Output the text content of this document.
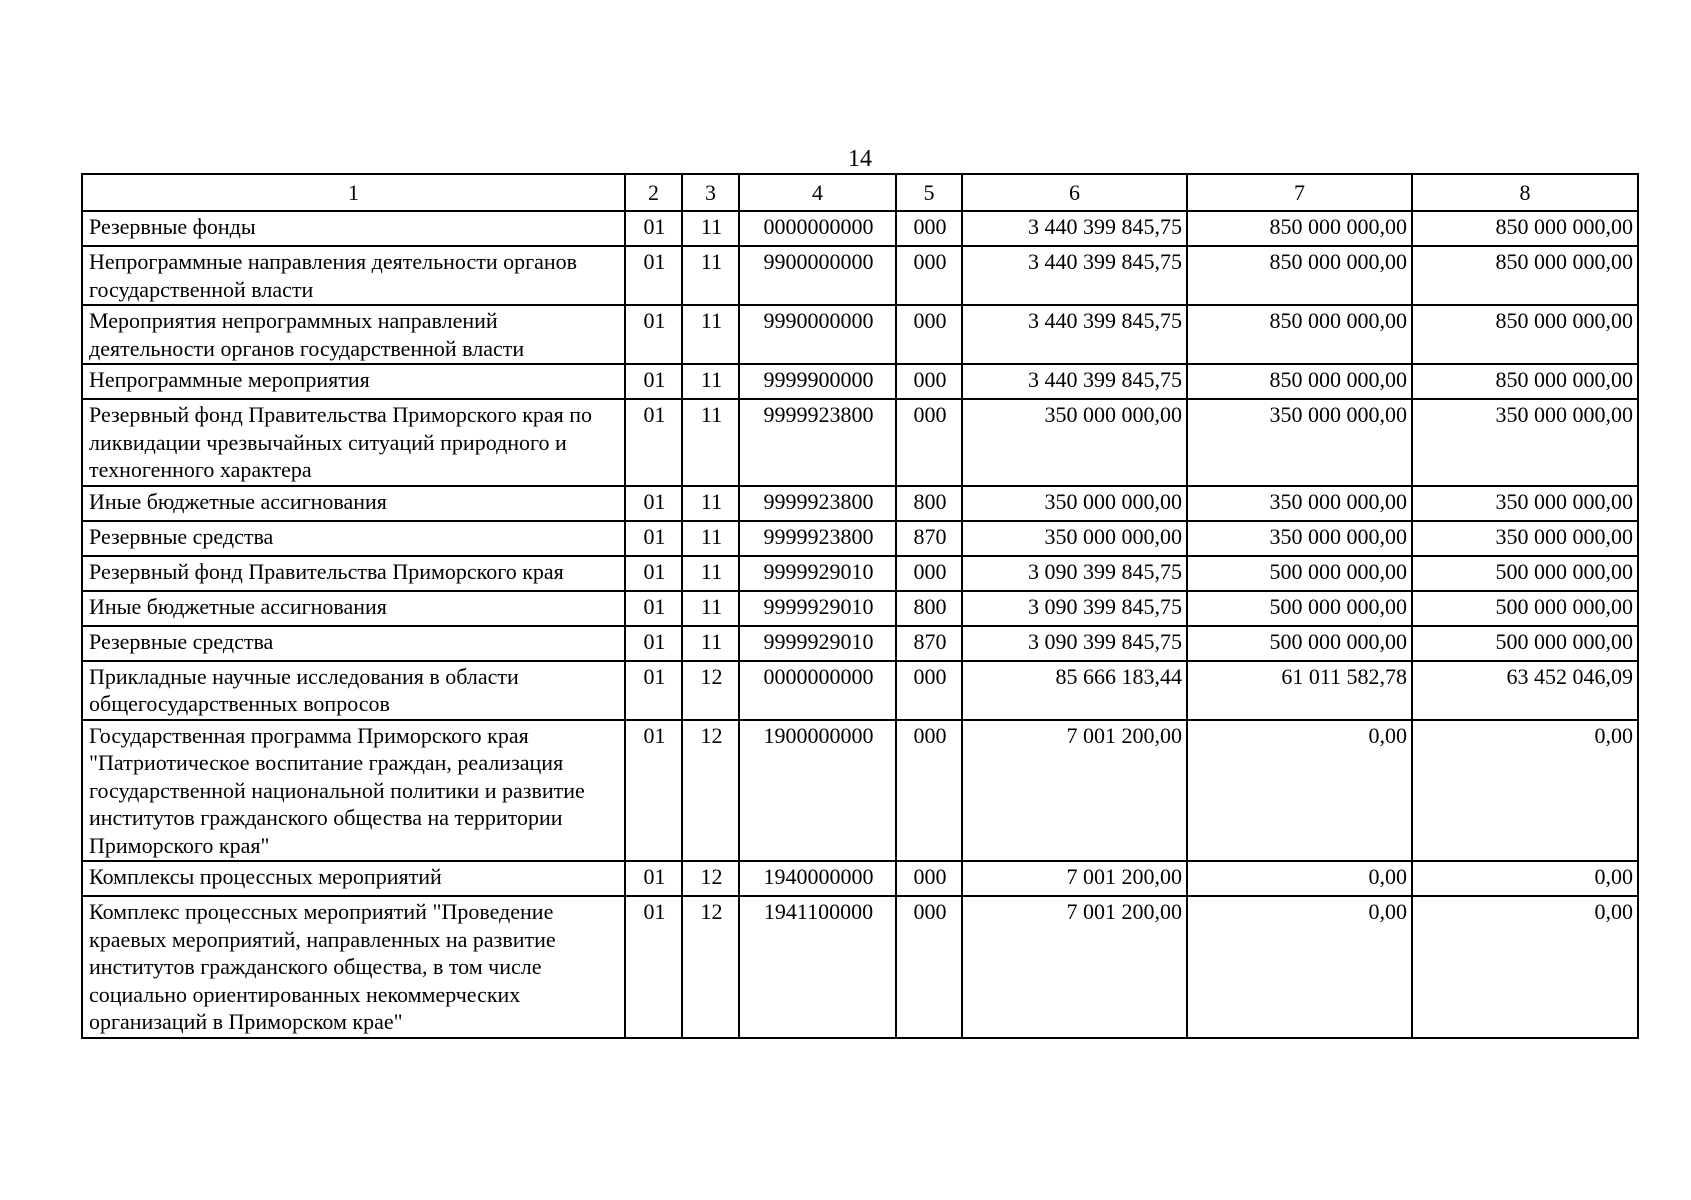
14
1	2	3	4	5	6	7	8
Резервные фонды	01	11	0000000000	000	3 440 399 845,75	850 000 000,00	850 000 000,00
Непрограммные направления деятельности органов государственной власти	01	11	9900000000	000	3 440 399 845,75	850 000 000,00	850 000 000,00
Мероприятия непрограммных направлений деятельности органов государственной власти	01	11	9990000000	000	3 440 399 845,75	850 000 000,00	850 000 000,00
Непрограммные мероприятия	01	11	9999900000	000	3 440 399 845,75	850 000 000,00	850 000 000,00
Резервный фонд Правительства Приморского края по ликвидации чрезвычайных ситуаций природного и техногенного характера	01	11	9999923800	000	350 000 000,00	350 000 000,00	350 000 000,00
Иные бюджетные ассигнования	01	11	9999923800	800	350 000 000,00	350 000 000,00	350 000 000,00
Резервные средства	01	11	9999923800	870	350 000 000,00	350 000 000,00	350 000 000,00
Резервный фонд Правительства Приморского края	01	11	9999929010	000	3 090 399 845,75	500 000 000,00	500 000 000,00
Иные бюджетные ассигнования	01	11	9999929010	800	3 090 399 845,75	500 000 000,00	500 000 000,00
Резервные средства	01	11	9999929010	870	3 090 399 845,75	500 000 000,00	500 000 000,00
Прикладные научные исследования в области общегосударственных вопросов	01	12	0000000000	000	85 666 183,44	61 011 582,78	63 452 046,09
Государственная программа Приморского края "Патриотическое воспитание граждан, реализация государственной национальной политики и развитие институтов гражданского общества на территории Приморского края"	01	12	1900000000	000	7 001 200,00	0,00	0,00
Комплексы процессных мероприятий	01	12	1940000000	000	7 001 200,00	0,00	0,00
Комплекс процессных мероприятий "Проведение краевых мероприятий, направленных на развитие институтов гражданского общества, в том числе социально ориентированных некоммерческих организаций в Приморском крае"	01	12	1941100000	000	7 001 200,00	0,00	0,00
